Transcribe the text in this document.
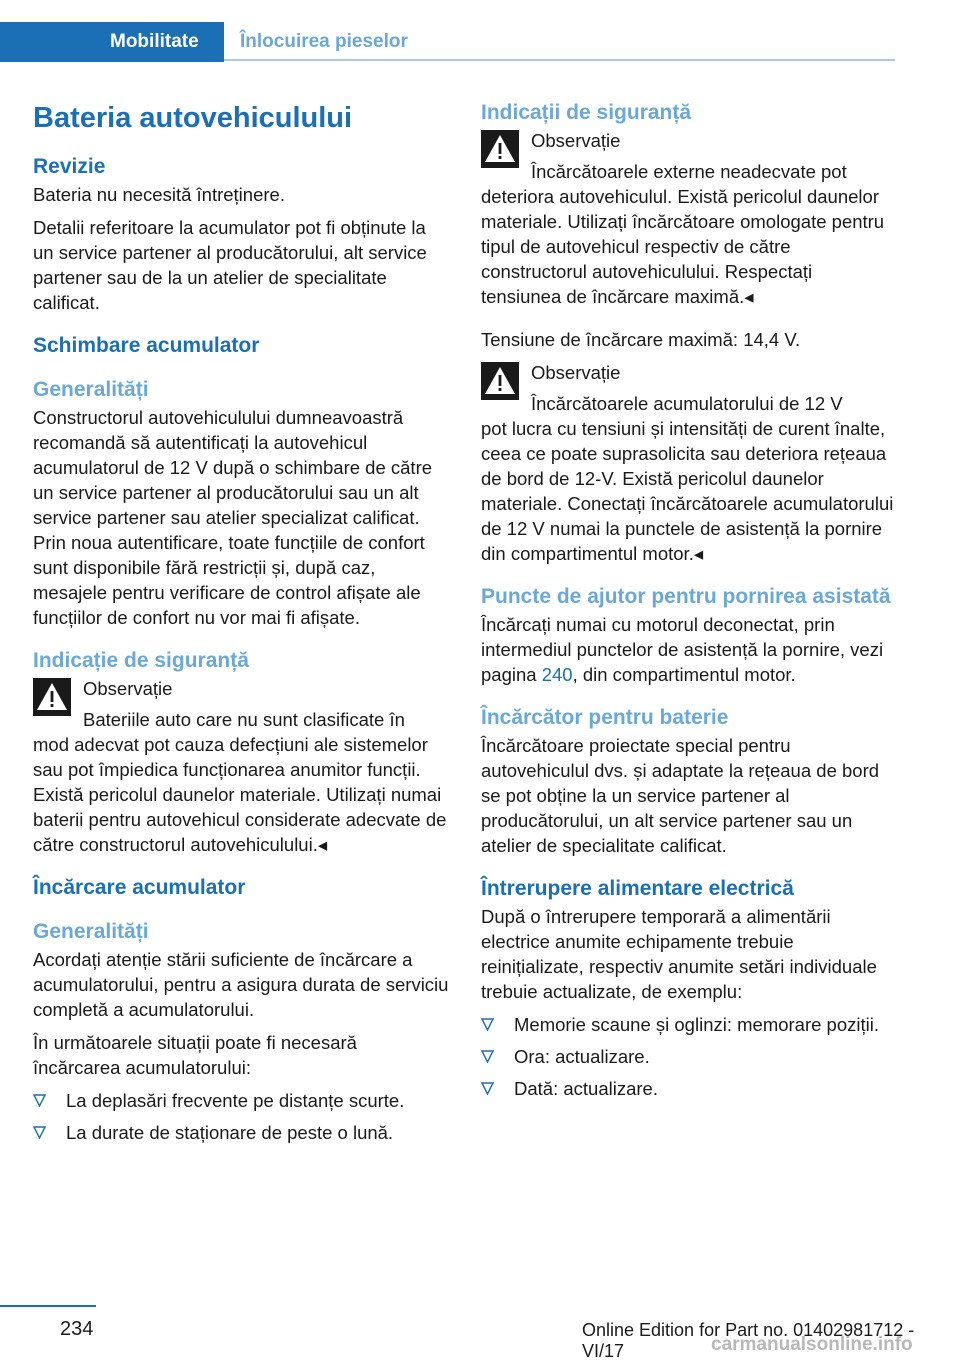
Mobilitate	Înlocuirea pieselor
Bateria autovehiculului
Revizie

Bateria nu necesită întreținere.

Detalii referitoare la acumulator pot fi obținute la un service partener al producătorului, alt service partener sau de la un atelier de specialitate calificat.

Schimbare acumulator
Generalități

Constructorul autovehiculului dumneavoastră recomandă să autentificați la autovehicul acumulatorul de 12 V după o schimbare de către un service partener al producătorului sau un alt service partener sau atelier specializat calificat. Prin noua autentificare, toate funcțiile de confort sunt disponibile fără restricții și, după caz, mesajele pentru verificare de control afișate ale funcțiilor de confort nu vor mai fi afișate.

Indicație de siguranță

Observație

Bateriile auto care nu sunt clasificate în
mod adecvat pot cauza defecțiuni ale sistemelor sau pot împiedica funcționarea anumitor funcții. Există pericolul daunelor materiale. Utilizați numai baterii pentru autovehicul considerate adecvate de către constructorul autovehiculului.◂

Încărcare acumulator
Generalități

Acordați atenție stării suficiente de încărcare a acumulatorului, pentru a asigura durata de serviciu completă a acumulatorului.

În următoarele situații poate fi necesară încărcarea acumulatorului:

La deplasări frecvente pe distanțe scurte.
La durate de staționare de peste o lună.
Indicații de siguranță

Observație

Încărcătoarele externe neadecvate pot
deteriora autovehiculul. Există pericolul daunelor materiale. Utilizați încărcătoare omologate pentru tipul de autovehicul respectiv de către constructorul autovehiculului. Respectați tensiunea de încărcare maximă.◂

Tensiune de încărcare maximă: 14,4 V.

Observație

Încărcătoarele acumulatorului de 12 V
pot lucra cu tensiuni și intensități de curent înalte, ceea ce poate suprasolicita sau deteriora rețeaua de bord de 12-V. Există pericolul daunelor materiale. Conectați încărcătoarele acumulatorului de 12 V numai la punctele de asistență la pornire din compartimentul motor.◂

Puncte de ajutor pentru pornirea asistată

Încărcați numai cu motorul deconectat, prin intermediul punctelor de asistență la pornire, vezi pagina 240, din compartimentul motor.

Încărcător pentru baterie

Încărcătoare proiectate special pentru autovehiculul dvs. și adaptate la rețeaua de bord se pot obține la un service partener al producătorului, un alt service partener sau un atelier de specialitate calificat.

Întrerupere alimentare electrică

După o întrerupere temporară a alimentării electrice anumite echipamente trebuie reinițializate, respectiv anumite setări individuale trebuie actualizate, de exemplu:

Memorie scaune și oglinzi: memorare poziții.
Ora: actualizare.
Dată: actualizare.
234	Online Edition for Part no. 01402981712 - VI/17	carmanualsonline.info
